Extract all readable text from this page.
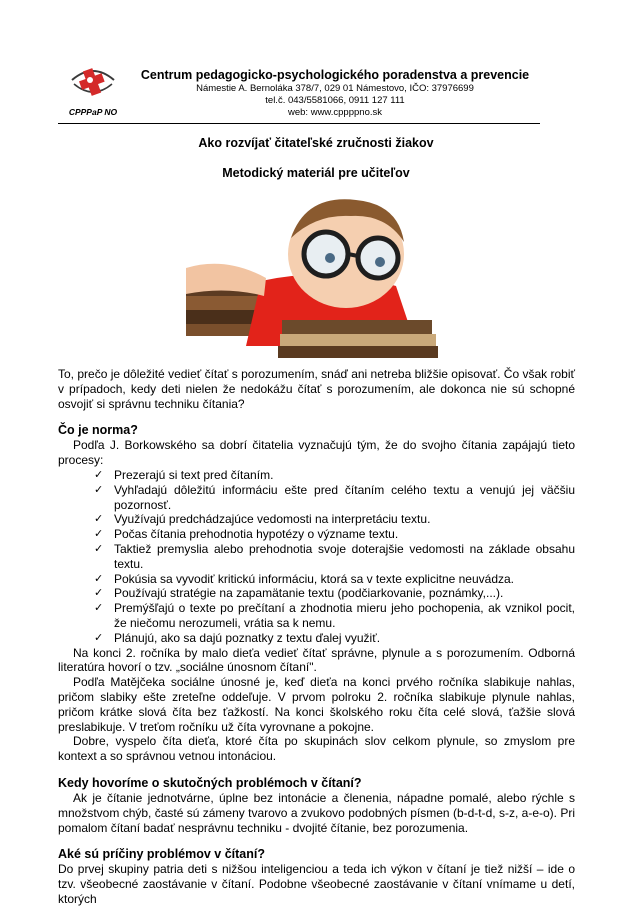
CPPPaP NO
Centrum pedagogicko-psychologického poradenstva a prevencie
Námestie A. Bernoláka 378/7, 029 01 Námestovo, IČO: 37976699
tel.č. 043/5581066, 0911 127 111
web: www.cppppno.sk
Ako rozvíjať čitateľské zručnosti žiakov
Metodický materiál pre učiteľov

To, prečo je dôležité vedieť čítať s porozumením, snáď ani netreba bližšie opisovať. Čo však robiť v prípadoch, kedy deti nielen že nedokážu čítať s porozumením, ale dokonca nie sú schopné osvojiť si správnu techniku čítania?

Čo je norma?

Podľa J. Borkowského sa dobrí čitatelia vyznačujú tým, že do svojho čítania zapájajú tieto procesy:

✓ Prezerajú si text pred čítaním.
✓ Vyhľadajú dôležitú informáciu ešte pred čítaním celého textu a venujú jej väčšiu pozornosť.
✓ Využívajú predchádzajúce vedomosti na interpretáciu textu.
✓ Počas čítania prehodnotia hypotézy o význame textu.
✓ Taktiež premyslia alebo prehodnotia svoje doterajšie vedomosti na základe obsahu textu.
✓ Pokúsia sa vyvodiť kritickú informáciu, ktorá sa v texte explicitne neuvádza.
✓ Používajú stratégie na zapamätanie textu (podčiarkovanie, poznámky,...).
✓ Premýšľajú o texte po prečítaní a zhodnotia mieru jeho pochopenia, ak vznikol pocit, že niečomu nerozumeli, vrátia sa k nemu.
✓ Plánujú, ako sa dajú poznatky z textu ďalej využiť.

Na konci 2. ročníka by malo dieťa vedieť čítať správne, plynule a s porozumením. Odborná literatúra hovorí o tzv. „sociálne únosnom čítaní".

Podľa Matějčeka sociálne únosné je, keď dieťa na konci prvého ročníka slabikuje nahlas, pričom slabiky ešte zreteľne oddeľuje. V prvom polroku 2. ročníka slabikuje plynule nahlas, pričom krátke slová číta bez ťažkostí. Na konci školského roku číta celé slová, ťažšie slová preslabikuje. V treťom ročníku už číta vyrovnane a pokojne.

Dobre, vyspelo číta dieťa, ktoré číta po skupinách slov celkom plynule, so zmyslom pre kontext a so správnou vetnou intonáciou.

Kedy hovoríme o skutočných problémoch v čítaní?

Ak je čítanie jednotvárne, úplne bez intonácie a členenia, nápadne pomalé, alebo rýchle s množstvom chýb, časté sú zámeny tvarovo a zvukovo podobných písmen (b-d-t-d, s-z, a-e-o). Pri pomalom čítaní badať nesprávnu techniku - dvojité čítanie, bez porozumenia.

Aké sú príčiny problémov v čítaní?

Do prvej skupiny patria deti s nižšou inteligenciou a teda ich výkon v čítaní je tiež nižší – ide o tzv. všeobecné zaostávanie v čítaní. Podobne všeobecné zaostávanie v čítaní vnímame u detí, ktorých
